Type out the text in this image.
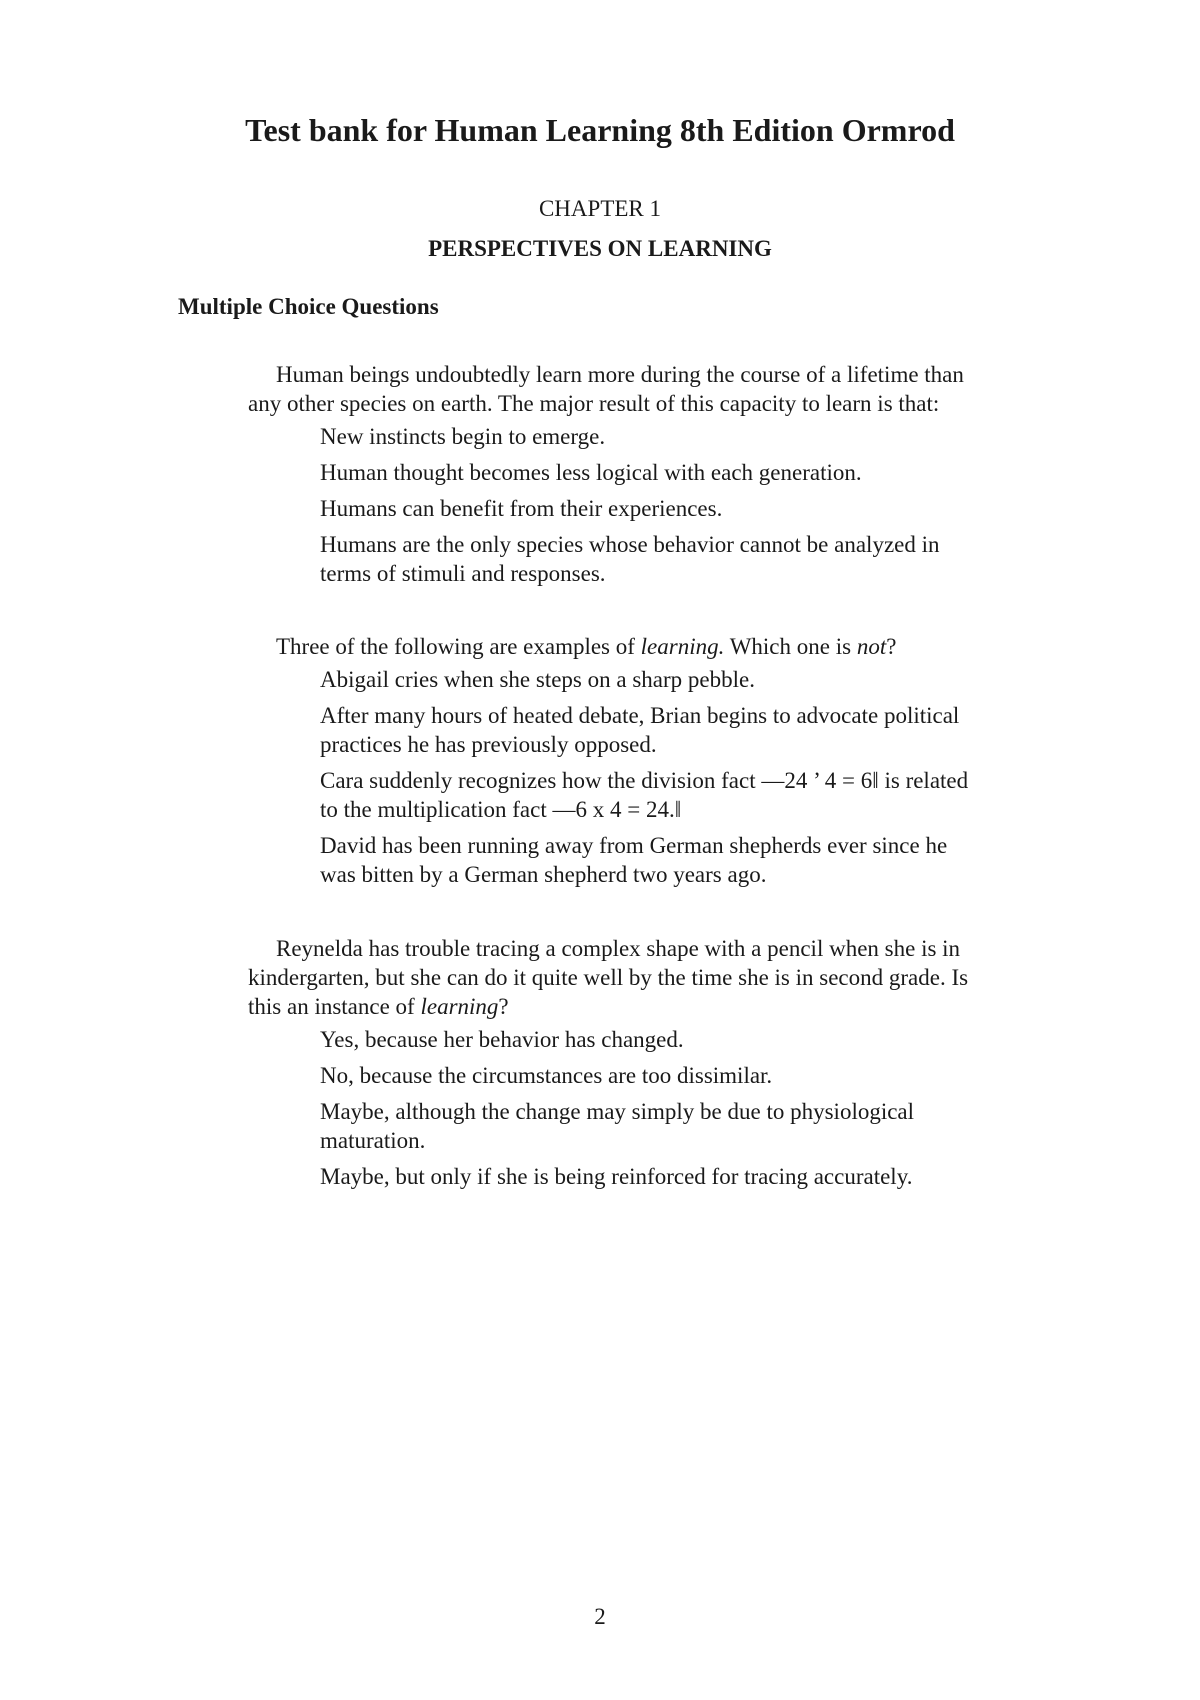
Test bank for Human Learning 8th Edition Ormrod

CHAPTER 1

PERSPECTIVES ON LEARNING

Multiple Choice Questions

Human beings undoubtedly learn more during the course of a lifetime than any other species on earth. The major result of this capacity to learn is that:

New instincts begin to emerge.
Human thought becomes less logical with each generation.
Humans can benefit from their experiences.
Humans are the only species whose behavior cannot be analyzed in terms of stimuli and responses.

Three of the following are examples of learning. Which one is not?

Abigail cries when she steps on a sharp pebble.
After many hours of heated debate, Brian begins to advocate political practices he has previously opposed.
Cara suddenly recognizes how the division fact ―24 ’ 4 = 6‖ is related to the multiplication fact ―6 x 4 = 24.‖
David has been running away from German shepherds ever since he was bitten by a German shepherd two years ago.

Reynelda has trouble tracing a complex shape with a pencil when she is in kindergarten, but she can do it quite well by the time she is in second grade. Is this an instance of learning?

Yes, because her behavior has changed.
No, because the circumstances are too dissimilar.
Maybe, although the change may simply be due to physiological maturation.
Maybe, but only if she is being reinforced for tracing accurately.

2
